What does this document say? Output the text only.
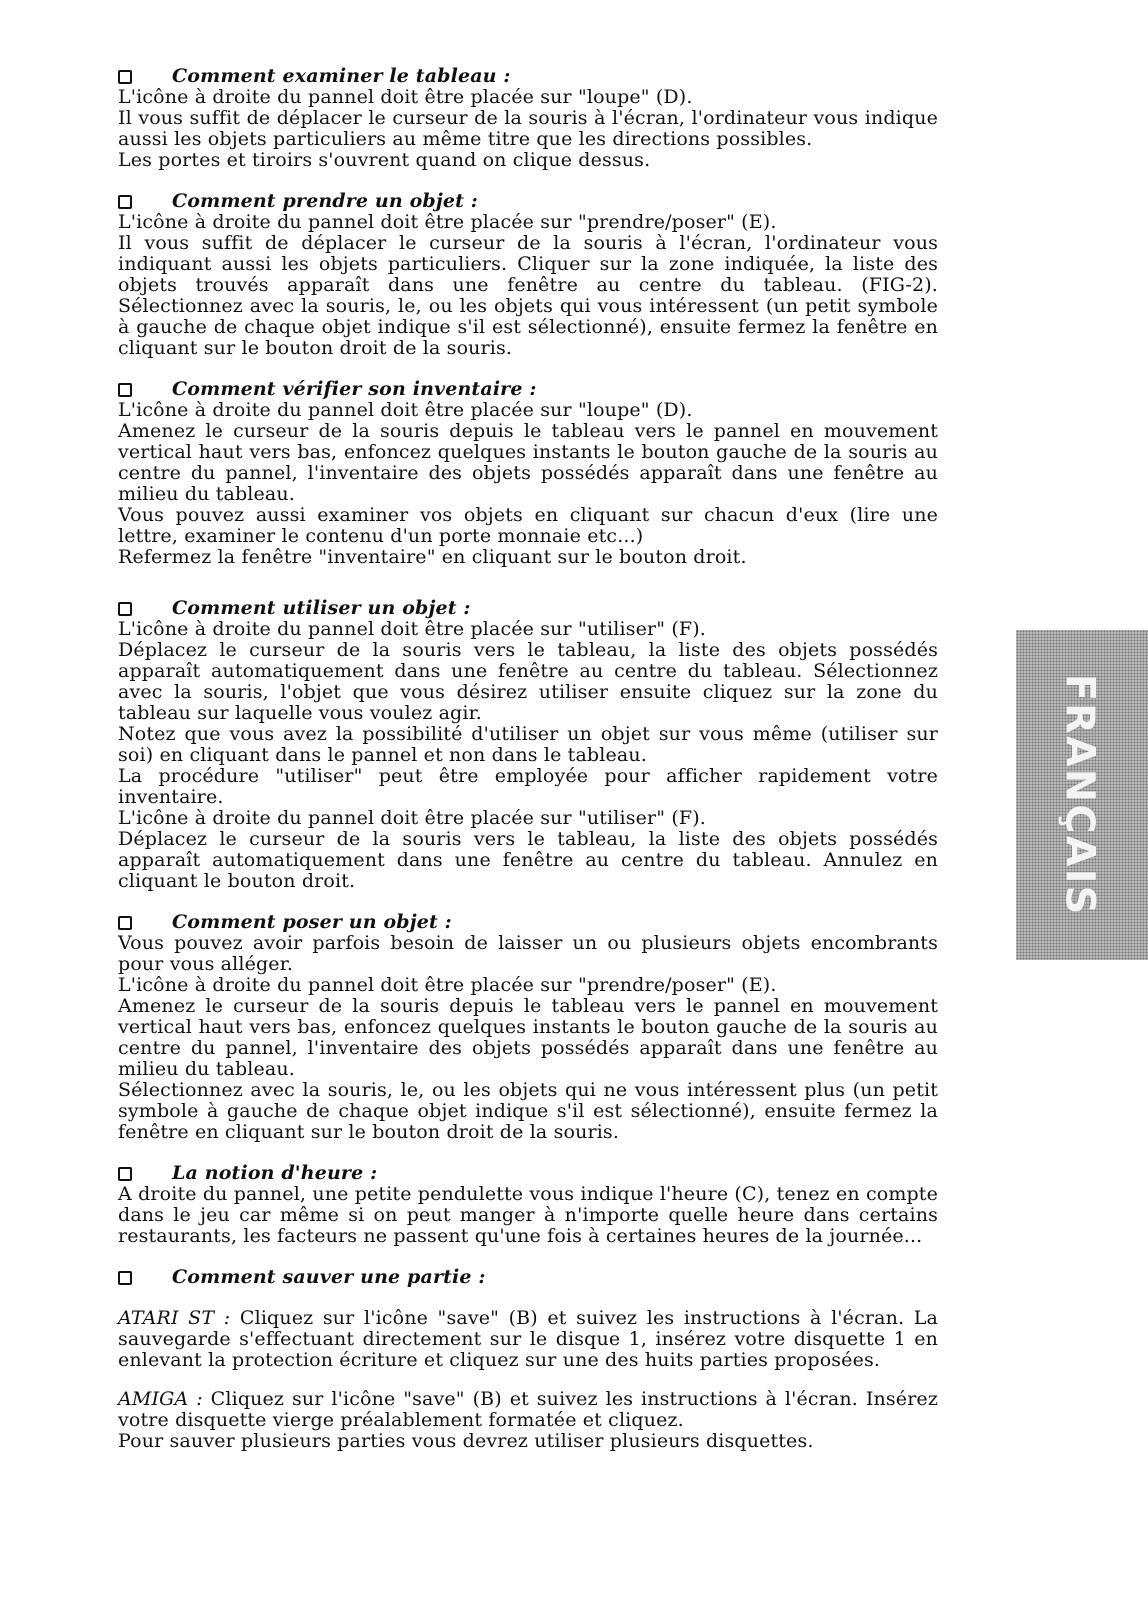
FRANÇAIS
Comment examiner le tableau :

L'icône à droite du pannel doit être placée sur "loupe" (D).

Il vous suffit de déplacer le curseur de la souris à l'écran, l'ordinateur vous indique aussi les objets particuliers au même titre que les directions possibles.

Les portes et tiroirs s'ouvrent quand on clique dessus.

Comment prendre un objet :

L'icône à droite du pannel doit être placée sur "prendre/poser" (E).

Il vous suffit de déplacer le curseur de la souris à l'écran, l'ordinateur vous indiquant aussi les objets particuliers. Cliquer sur la zone indiquée, la liste des objets trouvés apparaît dans une fenêtre au centre du tableau. (FIG-2). Sélectionnez avec la souris, le, ou les objets qui vous intéressent (un petit symbole à gauche de chaque objet indique s'il est sélectionné), ensuite fermez la fenêtre en cliquant sur le bouton droit de la souris.

Comment vérifier son inventaire :

L'icône à droite du pannel doit être placée sur "loupe" (D).

Amenez le curseur de la souris depuis le tableau vers le pannel en mouvement vertical haut vers bas, enfoncez quelques instants le bouton gauche de la souris au centre du pannel, l'inventaire des objets possédés apparaît dans une fenêtre au milieu du tableau.

Vous pouvez aussi examiner vos objets en cliquant sur chacun d'eux (lire une lettre, examiner le contenu d'un porte monnaie etc...)

Refermez la fenêtre "inventaire" en cliquant sur le bouton droit.

Comment utiliser un objet :

L'icône à droite du pannel doit être placée sur "utiliser" (F).

Déplacez le curseur de la souris vers le tableau, la liste des objets possédés apparaît automatiquement dans une fenêtre au centre du tableau. Sélectionnez avec la souris, l'objet que vous désirez utiliser ensuite cliquez sur la zone du tableau sur laquelle vous voulez agir.

Notez que vous avez la possibilité d'utiliser un objet sur vous même (utiliser sur soi) en cliquant dans le pannel et non dans le tableau.

La procédure "utiliser" peut être employée pour afficher rapidement votre inventaire.

L'icône à droite du pannel doit être placée sur "utiliser" (F).

Déplacez le curseur de la souris vers le tableau, la liste des objets possédés apparaît automatiquement dans une fenêtre au centre du tableau. Annulez en cliquant le bouton droit.

Comment poser un objet :

Vous pouvez avoir parfois besoin de laisser un ou plusieurs objets encombrants pour vous alléger.

L'icône à droite du pannel doit être placée sur "prendre/poser" (E).

Amenez le curseur de la souris depuis le tableau vers le pannel en mouvement vertical haut vers bas, enfoncez quelques instants le bouton gauche de la souris au centre du pannel, l'inventaire des objets possédés apparaît dans une fenêtre au milieu du tableau.

Sélectionnez avec la souris, le, ou les objets qui ne vous intéressent plus (un petit symbole à gauche de chaque objet indique s'il est sélectionné), ensuite fermez la fenêtre en cliquant sur le bouton droit de la souris.

La notion d'heure :

A droite du pannel, une petite pendulette vous indique l'heure (C), tenez en compte dans le jeu car même si on peut manger à n'importe quelle heure dans certains restaurants, les facteurs ne passent qu'une fois à certaines heures de la journée...

Comment sauver une partie :

ATARI ST : Cliquez sur l'icône "save" (B) et suivez les instructions à l'écran. La sauvegarde s'effectuant directement sur le disque 1, insérez votre disquette 1 en enlevant la protection écriture et cliquez sur une des huits parties proposées.

AMIGA : Cliquez sur l'icône "save" (B) et suivez les instructions à l'écran. Insérez votre disquette vierge préalablement formatée et cliquez.

Pour sauver plusieurs parties vous devrez utiliser plusieurs disquettes.
